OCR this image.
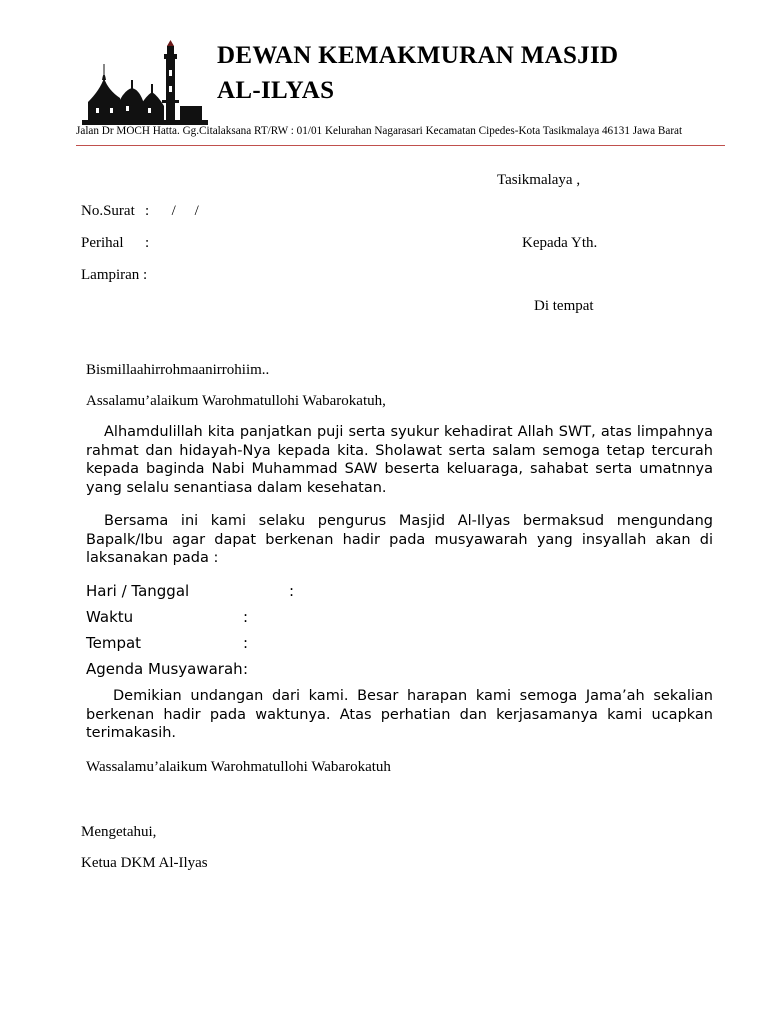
DEWAN KEMAKMURAN MASJID
AL-ILYAS
Jalan Dr MOCH Hatta. Gg.Citalaksana RT/RW : 01/01 Kelurahan Nagarasari Kecamatan Cipedes-Kota Tasikmalaya 46131 Jawa Barat
Tasikmalaya ,
No.Surat :      /     /
Perihal :	Kepada Yth.
Lampiran :
Di tempat
Bismillaahirrohmaanirrohiim..
Assalamu’alaikum Warohmatullohi Wabarokatuh,
Alhamdulillah kita panjatkan puji serta syukur kehadirat Allah SWT, atas limpahnya rahmat dan hidayah-Nya kepada kita. Sholawat serta salam semoga tetap tercurah kepada baginda Nabi Muhammad SAW beserta keluaraga, sahabat serta umatnnya yang selalu senantiasa dalam kesehatan.
Bersama ini kami selaku pengurus Masjid Al-Ilyas bermaksud mengundang Bapalk/Ibu agar dapat berkenan hadir pada musyawarah yang insyallah akan di laksanakan pada :
Hari / Tanggal	:
Waktu	:
Tempat	:
Agenda Musyawarah :
Demikian undangan dari kami. Besar harapan kami semoga Jama’ah sekalian berkenan hadir pada waktunya. Atas perhatian dan kerjasamanya kami ucapkan terimakasih.
Wassalamu’alaikum Warohmatullohi Wabarokatuh
Mengetahui,
Ketua DKM Al-Ilyas
